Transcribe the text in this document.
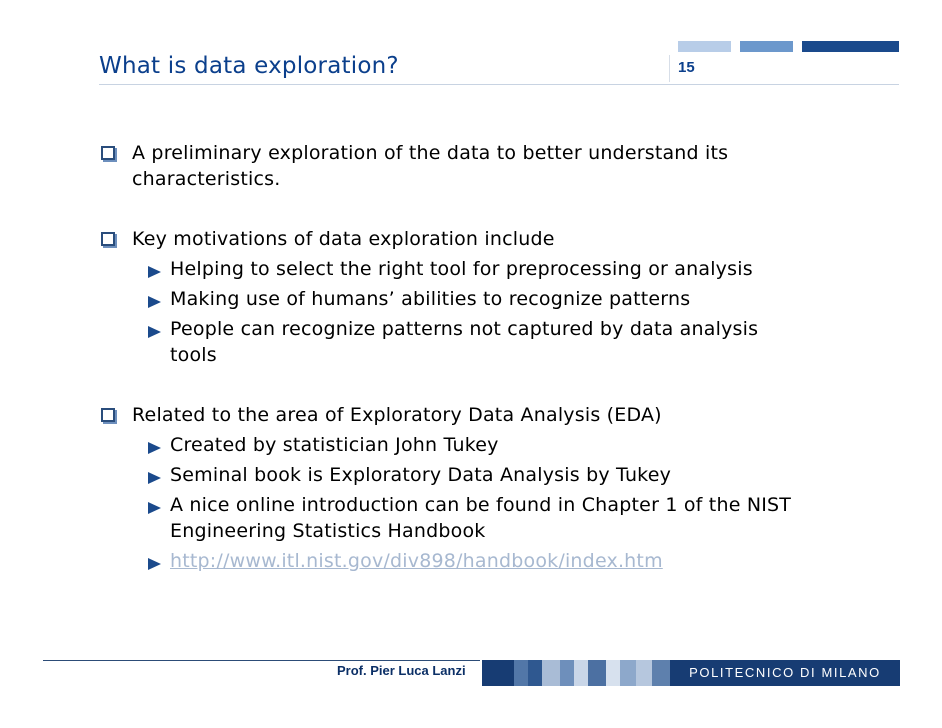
What is data exploration?	15
A preliminary exploration of the data to better understand its
characteristics.
Key motivations of data exploration include
Helping to select the right tool for preprocessing or analysis
Making use of humans’ abilities to recognize patterns
People can recognize patterns not captured by data analysis
tools
Related to the area of Exploratory Data Analysis (EDA)
Created by statistician John Tukey
Seminal book is Exploratory Data Analysis by Tukey
A nice online introduction can be found in Chapter 1 of the NIST
Engineering Statistics Handbook
http://www.itl.nist.gov/div898/handbook/index.htm
Prof. Pier Luca Lanzi	POLITECNICO DI MILANO
